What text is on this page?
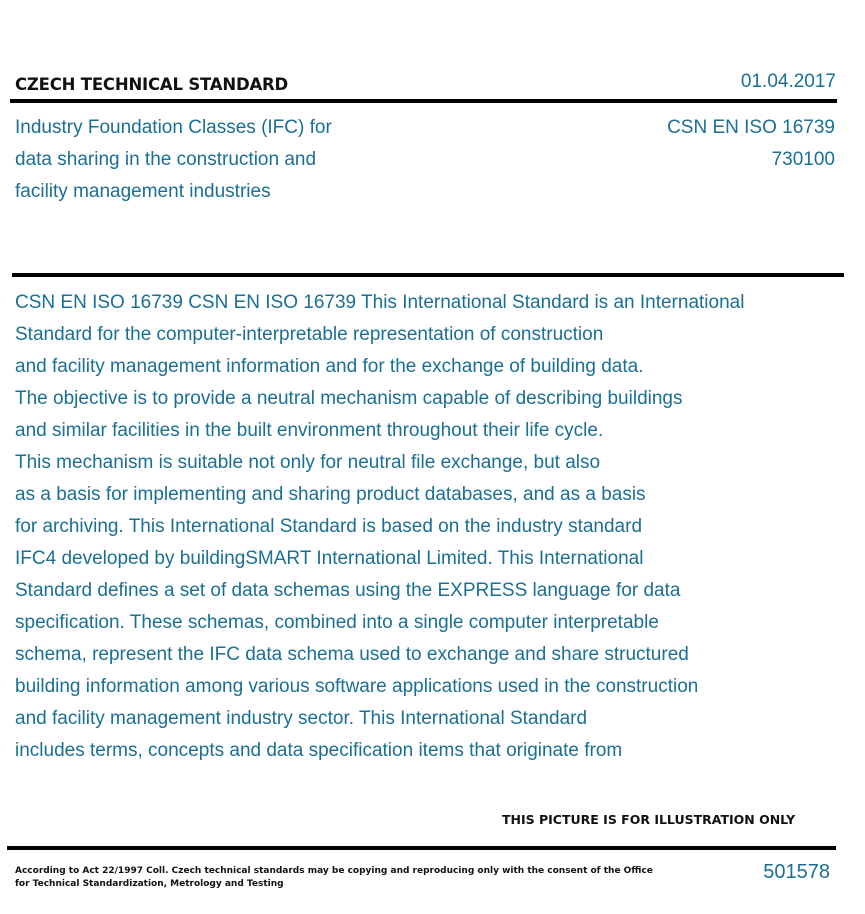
CZECH TECHNICAL STANDARD	01.04.2017
Industry Foundation Classes (IFC) for
data sharing in the construction and
facility management industries
CSN EN ISO 16739
730100
CSN EN ISO 16739 CSN EN ISO 16739 This International Standard is an International
Standard for the computer-interpretable representation of construction
and facility management information and for the exchange of building data.
The objective is to provide a neutral mechanism capable of describing buildings
and similar facilities in the built environment throughout their life cycle.
This mechanism is suitable not only for neutral file exchange, but also
as a basis for implementing and sharing product databases, and as a basis
for archiving. This International Standard is based on the industry standard
IFC4 developed by buildingSMART International Limited. This International
Standard defines a set of data schemas using the EXPRESS language for data
specification. These schemas, combined into a single computer interpretable
schema, represent the IFC data schema used to exchange and share structured
building information among various software applications used in the construction
and facility management industry sector. This International Standard
includes terms, concepts and data specification items that originate from
THIS PICTURE IS FOR ILLUSTRATION ONLY
According to Act 22/1997 Coll. Czech technical standards may be copying and reproducing only with the consent of the Office
for Technical Standardization, Metrology and Testing
501578
